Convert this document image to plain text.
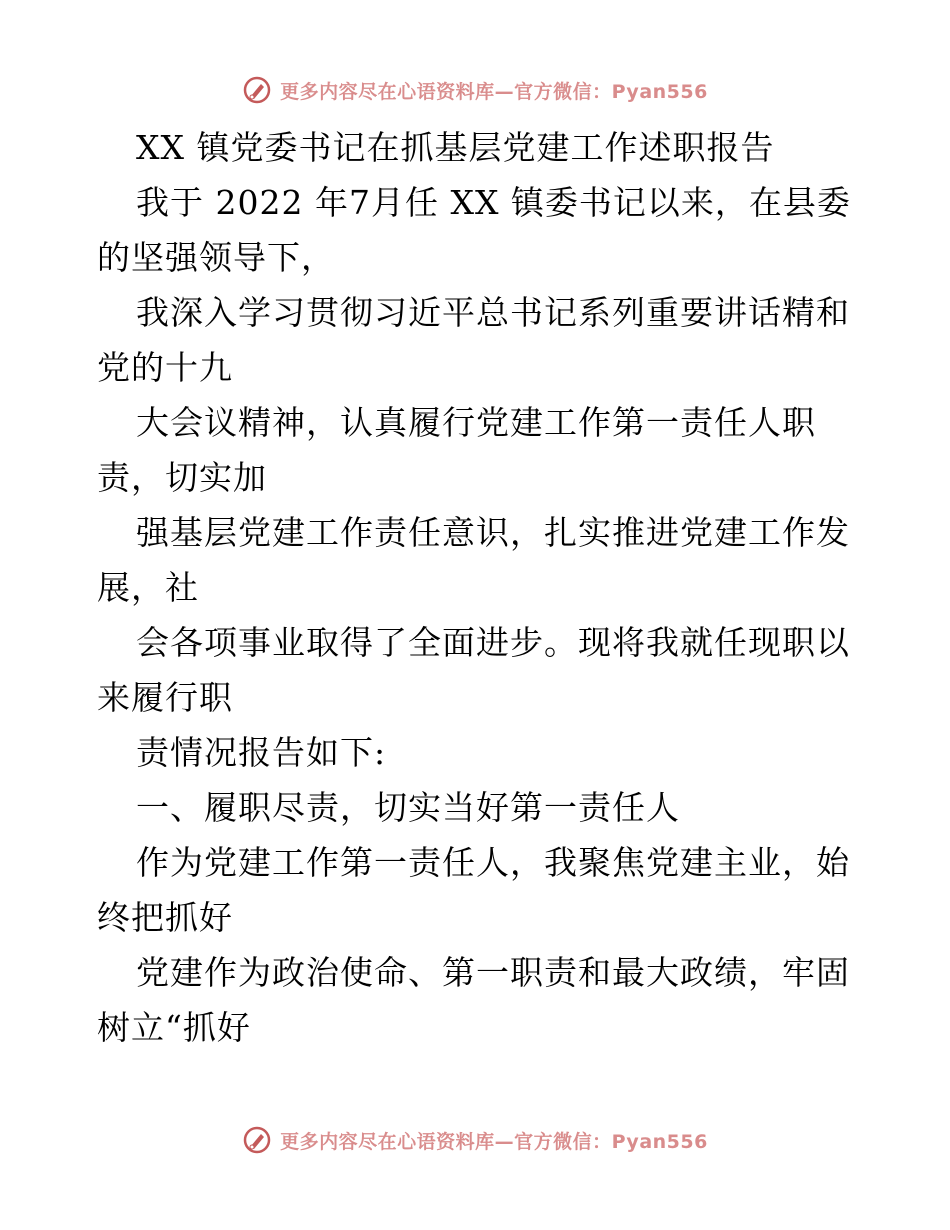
更多内容尽在心语资料库—官方微信：Pyan556
XX 镇党委书记在抓基层党建工作述职报告
我于 2022 年7月任 XX 镇委书记以来，在县委
的坚强领导下，
我深入学习贯彻习近平总书记系列重要讲话精和
党的十九
大会议精神，认真履行党建工作第一责任人职
责，切实加
强基层党建工作责任意识，扎实推进党建工作发
展，社
会各项事业取得了全面进步。现将我就任现职以
来履行职
责情况报告如下:
一、履职尽责，切实当好第一责任人
作为党建工作第一责任人，我聚焦党建主业，始
终把抓好
党建作为政治使命、第一职责和最大政绩，牢固
树立“抓好
更多内容尽在心语资料库—官方微信：Pyan556
